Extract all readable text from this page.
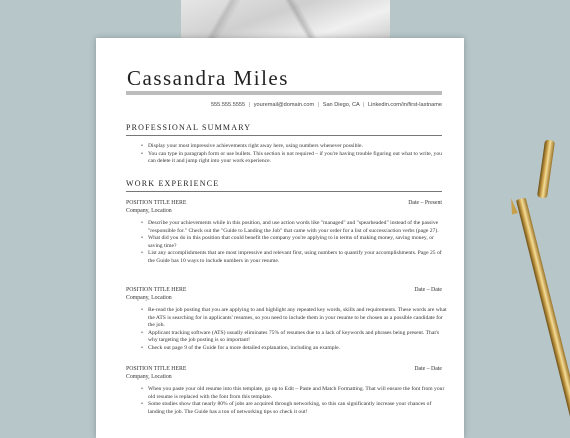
Cassandra Miles
555.555.5555 | youremail@domain.com | San Diego, CA | Linkedin.com/in/first-lastname
PROFESSIONAL SUMMARY
• Display your most impressive achievements right away here, using numbers whenever possible.
• You can type in paragraph form or use bullets. This section is not required – if you're having trouble figuring out what to write, you can delete it and jump right into your work experience.
WORK EXPERIENCE
POSITION TITLE HERE	Date – Present
Company, Location
• Describe your achievements while in this position, and use action words like "managed" and "spearheaded" instead of the passive "responsible for." Check out the "Guide to Landing the Job" that came with your order for a list of success/action verbs (page 27).
• What did you do in this position that could benefit the company you're applying to in terms of making money, saving money, or saving time?
• List any accomplishments that are most impressive and relevant first, using numbers to quantify your accomplishments. Page 25 of the Guide has 10 ways to include numbers in your resume.
POSITION TITLE HERE	Date – Date
Company, Location
• Re-read the job posting that you are applying to and highlight any repeated key words, skills and requirements. These words are what the ATS is searching for in applicants' resumes, so you need to include them in your resume to be chosen as a possible candidate for the job.
• Applicant tracking software (ATS) usually eliminates 75% of resumes due to a lack of keywords and phrases being present. That's why targeting the job posting is so important!
• Check out page 9 of the Guide for a more detailed explanation, including an example.
POSITION TITLE HERE	Date – Date
Company, Location
• When you paste your old resume into this template, go up to Edit – Paste and Match Formatting. That will ensure the font from your old resume is replaced with the font from this template.
• Some studies show that nearly 80% of jobs are acquired through networking, so this can significantly increase your chances of landing the job. The Guide has a ton of networking tips so check it out!
